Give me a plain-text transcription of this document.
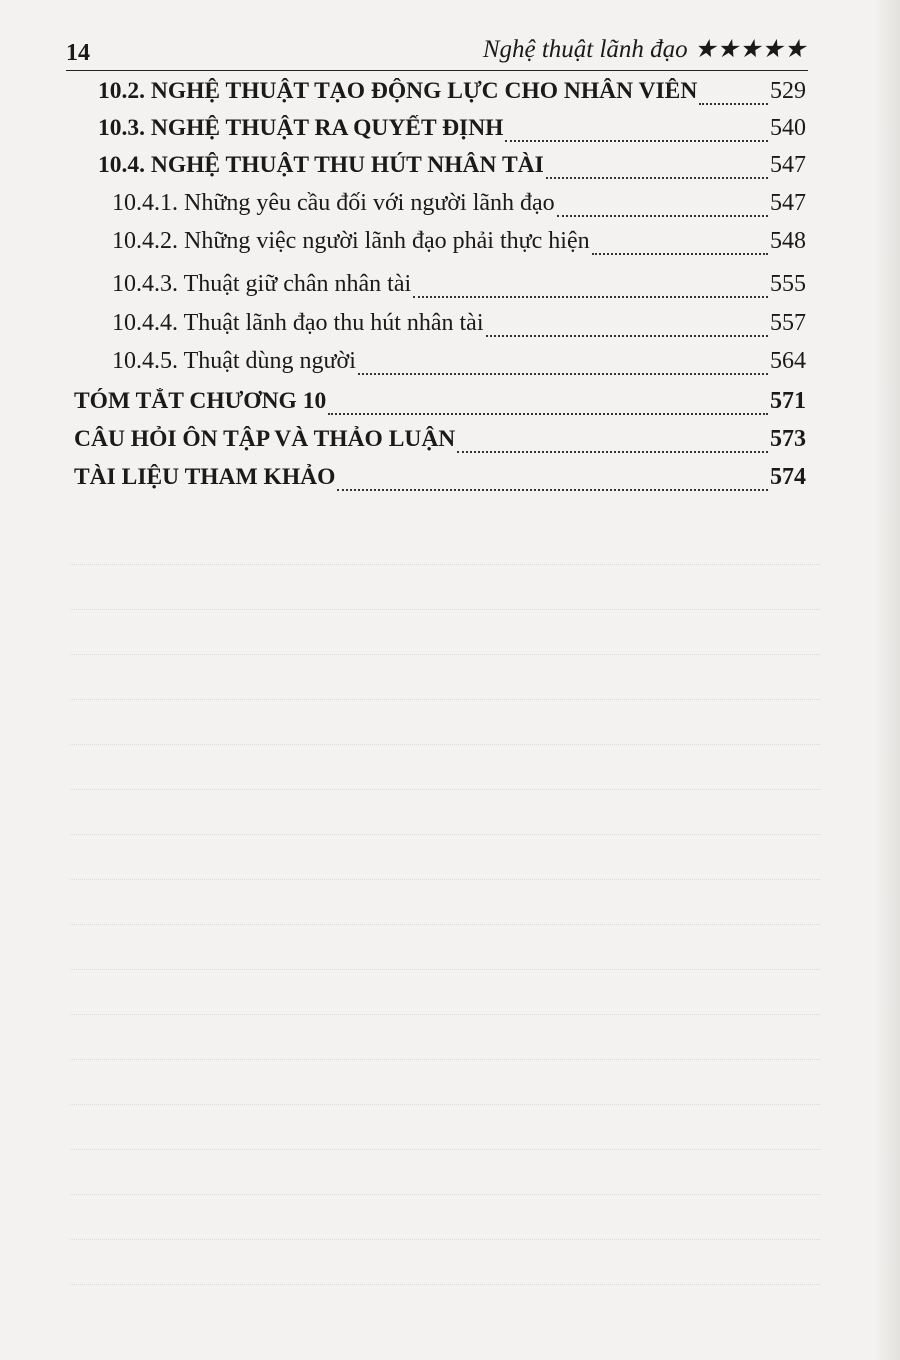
14	Nghệ thuật lãnh đạo ★★★★★
10.2. NGHỆ THUẬT TẠO ĐỘNG LỰC CHO NHÂN VIÊN	529
10.3. NGHỆ THUẬT RA QUYẾT ĐỊNH	540
10.4. NGHỆ THUẬT THU HÚT NHÂN TÀI	547
10.4.1. Những yêu cầu đối với người lãnh đạo	547
10.4.2. Những việc người lãnh đạo phải thực hiện	548
10.4.3. Thuật giữ chân nhân tài	555
10.4.4. Thuật lãnh đạo thu hút nhân tài	557
10.4.5. Thuật dùng người	564
TÓM TẮT CHƯƠNG 10	571
CÂU HỎI ÔN TẬP VÀ THẢO LUẬN	573
TÀI LIỆU THAM KHẢO	574
